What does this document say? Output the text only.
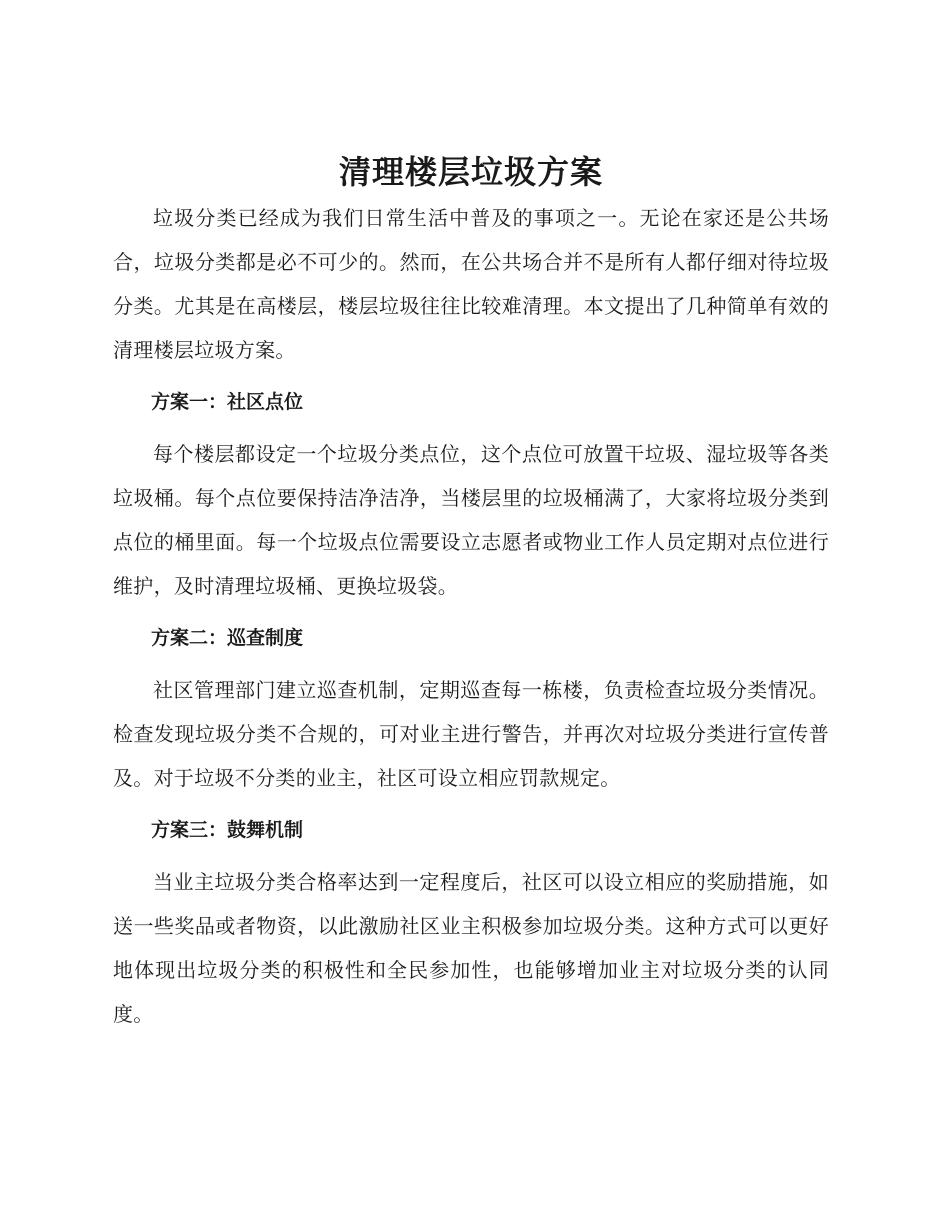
清理楼层垃圾方案

垃圾分类已经成为我们日常生活中普及的事项之一。无论在家还是公共场合，垃圾分类都是必不可少的。然而，在公共场合并不是所有人都仔细对待垃圾分类。尤其是在高楼层，楼层垃圾往往比较难清理。本文提出了几种简单有效的清理楼层垃圾方案。

方案一：社区点位

每个楼层都设定一个垃圾分类点位，这个点位可放置干垃圾、湿垃圾等各类垃圾桶。每个点位要保持洁净洁净，当楼层里的垃圾桶满了，大家将垃圾分类到点位的桶里面。每一个垃圾点位需要设立志愿者或物业工作人员定期对点位进行维护，及时清理垃圾桶、更换垃圾袋。

方案二：巡查制度

社区管理部门建立巡查机制，定期巡查每一栋楼，负责检查垃圾分类情况。检查发现垃圾分类不合规的，可对业主进行警告，并再次对垃圾分类进行宣传普及。对于垃圾不分类的业主，社区可设立相应罚款规定。

方案三：鼓舞机制

当业主垃圾分类合格率达到一定程度后，社区可以设立相应的奖励措施，如送一些奖品或者物资，以此激励社区业主积极参加垃圾分类。这种方式可以更好地体现出垃圾分类的积极性和全民参加性，也能够增加业主对垃圾分类的认同度。
